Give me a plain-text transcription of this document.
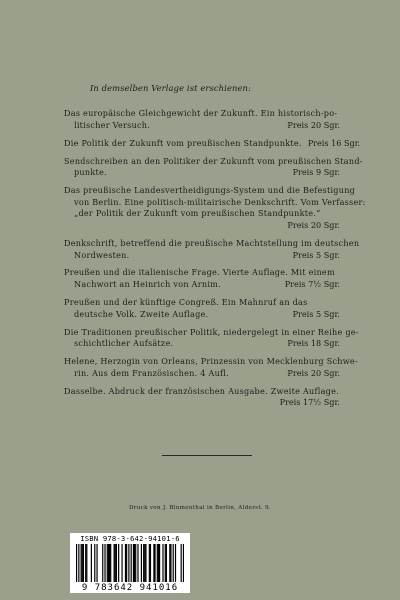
In demselben Verlage ist erschienen:
Das europäische Gleichgewicht der Zukunft. Ein historisch-po-
litischer Versuch.	Preis 20 Sgr.
Die Politik der Zukunft vom preußischen Standpunkte. Preis 16 Sgr.
Sendschreiben an den Politiker der Zukunft vom preußischen Stand-
punkte.	Preis 9 Sgr.
Das preußische Landesvertheidigungs-System und die Befestigung
von Berlin. Eine politisch-militairische Denkschrift. Vom Verfasser:
„der Politik der Zukunft vom preußischen Standpunkte.“
Preis 20 Sgr.
Denkschrift, betreffend die preußische Machtstellung im deutschen
Nordwesten.	Preis 5 Sgr.
Preußen und die italienische Frage. Vierte Auflage. Mit einem
Nachwort an Heinrich von Arnim.	Preis 7½ Sgr.
Preußen und der künftige Congreß. Ein Mahnruf an das
deutsche Volk. Zweite Auflage.	Preis 5 Sgr.
Die Traditionen preußischer Politik, niedergelegt in einer Reihe ge-
schichtlicher Aufsätze.	Preis 18 Sgr.
Helene, Herzogin von Orleans, Prinzessin von Mecklenburg Schwe-
rin. Aus dem Französischen. 4 Aufl.	Preis 20 Sgr.
Dasselbe. Abdruck der französischen Ausgabe. Zweite Auflage.
Preis 17½ Sgr.
Druck von J. Blumenthal in Berlin, Alderst. 9.
ISBN 978-3-642-94101-6
9 783642 941016
